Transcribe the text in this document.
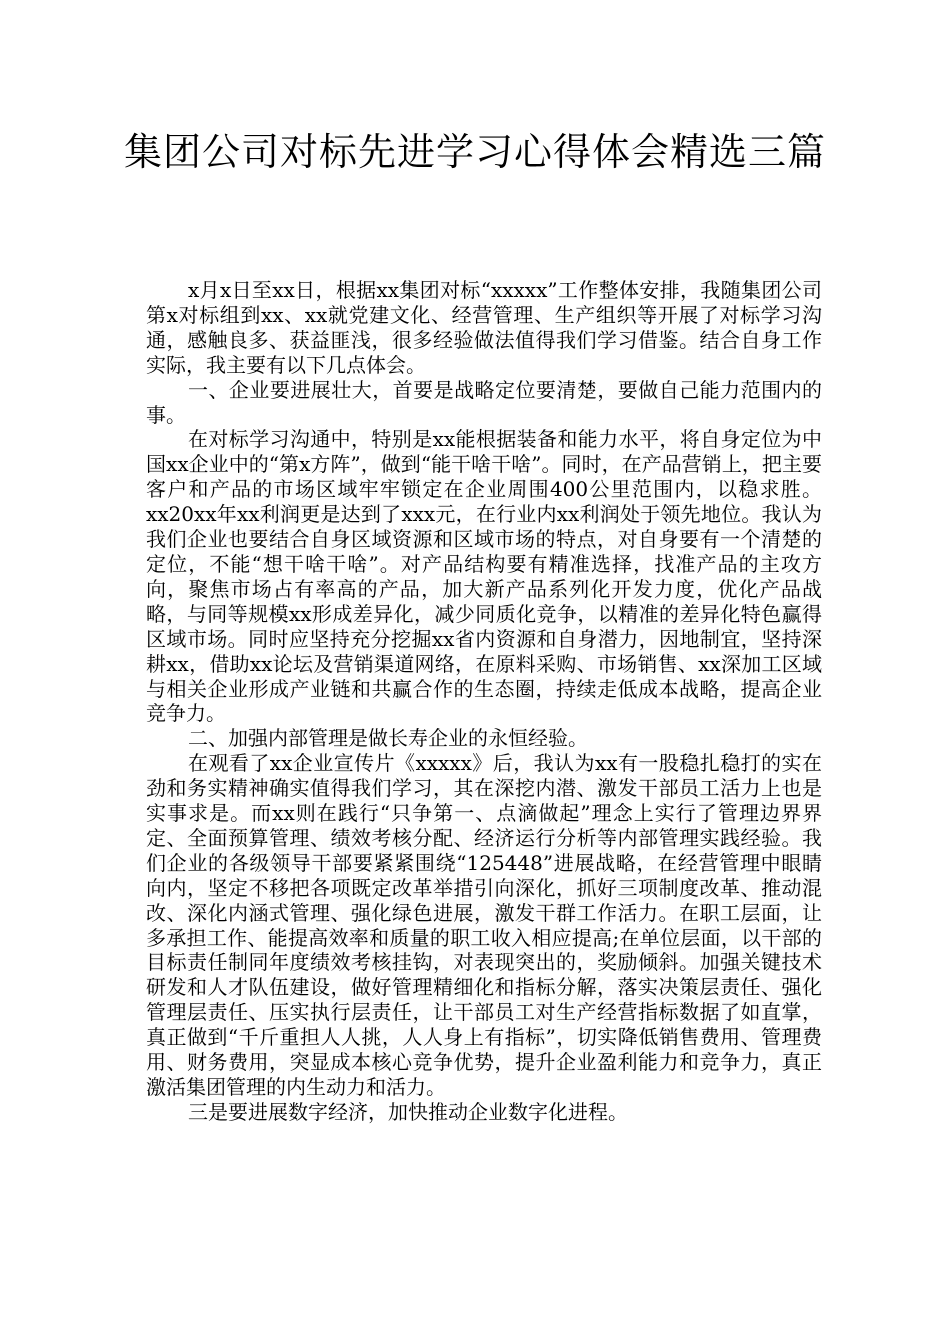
集团公司对标先进学习心得体会精选三篇

x月x日至xx日，根据xx集团对标“xxxxx”工作整体安排，我随集团公司第x对标组到xx、xx就党建文化、经营管理、生产组织等开展了对标学习沟通，感触良多、获益匪浅，很多经验做法值得我们学习借鉴。结合自身工作实际，我主要有以下几点体会。

一、企业要进展壮大，首要是战略定位要清楚，要做自己能力范围内的事。

在对标学习沟通中，特别是xx能根据装备和能力水平，将自身定位为中国xx企业中的“第x方阵”，做到“能干啥干啥”。同时，在产品营销上，把主要客户和产品的市场区域牢牢锁定在企业周围400公里范围内，以稳求胜。xx20xx年xx利润更是达到了xxx元，在行业内xx利润处于领先地位。我认为我们企业也要结合自身区域资源和区域市场的特点，对自身要有一个清楚的定位，不能“想干啥干啥”。对产品结构要有精准选择，找准产品的主攻方向，聚焦市场占有率高的产品，加大新产品系列化开发力度，优化产品战略，与同等规模xx形成差异化，减少同质化竞争，以精准的差异化特色赢得区域市场。同时应坚持充分挖掘xx省内资源和自身潜力，因地制宜，坚持深耕xx，借助xx论坛及营销渠道网络，在原料采购、市场销售、xx深加工区域与相关企业形成产业链和共赢合作的生态圈，持续走低成本战略，提高企业竞争力。

二、加强内部管理是做长寿企业的永恒经验。

在观看了xx企业宣传片《xxxxx》后，我认为xx有一股稳扎稳打的实在劲和务实精神确实值得我们学习，其在深挖内潜、激发干部员工活力上也是实事求是。而xx则在践行“只争第一、点滴做起”理念上实行了管理边界界定、全面预算管理、绩效考核分配、经济运行分析等内部管理实践经验。我们企业的各级领导干部要紧紧围绕“125448”进展战略，在经营管理中眼睛向内，坚定不移把各项既定改革举措引向深化，抓好三项制度改革、推动混改、深化内涵式管理、强化绿色进展，激发干群工作活力。在职工层面，让多承担工作、能提高效率和质量的职工收入相应提高;在单位层面，以干部的目标责任制同年度绩效考核挂钩，对表现突出的，奖励倾斜。加强关键技术研发和人才队伍建设，做好管理精细化和指标分解，落实决策层责任、强化管理层责任、压实执行层责任，让干部员工对生产经营指标数据了如直掌，真正做到“千斤重担人人挑，人人身上有指标”，切实降低销售费用、管理费用、财务费用，突显成本核心竞争优势，提升企业盈利能力和竞争力，真正激活集团管理的内生动力和活力。

三是要进展数字经济，加快推动企业数字化进程。
